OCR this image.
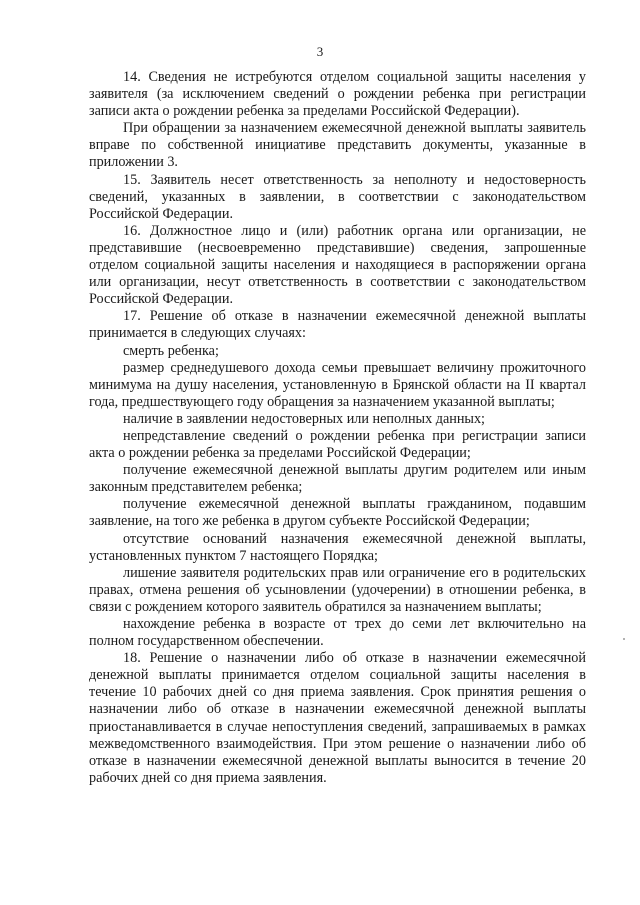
3

14. Сведения не истребуются отделом социальной защиты населения у заявителя (за исключением сведений о рождении ребенка при регистрации записи акта о рождении ребенка за пределами Российской Федерации).

При обращении за назначением ежемесячной денежной выплаты заявитель вправе по собственной инициативе представить документы, указанные в приложении 3.

15. Заявитель несет ответственность за неполноту и недостоверность сведений, указанных в заявлении, в соответствии с законодательством Российской Федерации.

16. Должностное лицо и (или) работник органа или организации, не представившие (несвоевременно представившие) сведения, запрошенные отделом социальной защиты населения и находящиеся в распоряжении органа или организации, несут ответственность в соответствии с законодательством Российской Федерации.

17. Решение об отказе в назначении ежемесячной денежной выплаты принимается в следующих случаях:

смерть ребенка;

размер среднедушевого дохода семьи превышает величину прожиточного минимума на душу населения, установленную в Брянской области на II квартал года, предшествующего году обращения за назначением указанной выплаты;

наличие в заявлении недостоверных или неполных данных;

непредставление сведений о рождении ребенка при регистрации записи акта о рождении ребенка за пределами Российской Федерации;

получение ежемесячной денежной выплаты другим родителем или иным законным представителем ребенка;

получение ежемесячной денежной выплаты гражданином, подавшим заявление, на того же ребенка в другом субъекте Российской Федерации;

отсутствие оснований назначения ежемесячной денежной выплаты, установленных пунктом 7 настоящего Порядка;

лишение заявителя родительских прав или ограничение его в родительских правах, отмена решения об усыновлении (удочерении) в отношении ребенка, в связи с рождением которого заявитель обратился за назначением выплаты;

нахождение ребенка в возрасте от трех до семи лет включительно на полном государственном обеспечении.

18. Решение о назначении либо об отказе в назначении ежемесячной денежной выплаты принимается отделом социальной защиты населения в течение 10 рабочих дней со дня приема заявления. Срок принятия решения о назначении либо об отказе в назначении ежемесячной денежной выплаты приостанавливается в случае непоступления сведений, запрашиваемых в рамках межведомственного взаимодействия. При этом решение о назначении либо об отказе в назначении ежемесячной денежной выплаты выносится в течение 20 рабочих дней со дня приема заявления.
